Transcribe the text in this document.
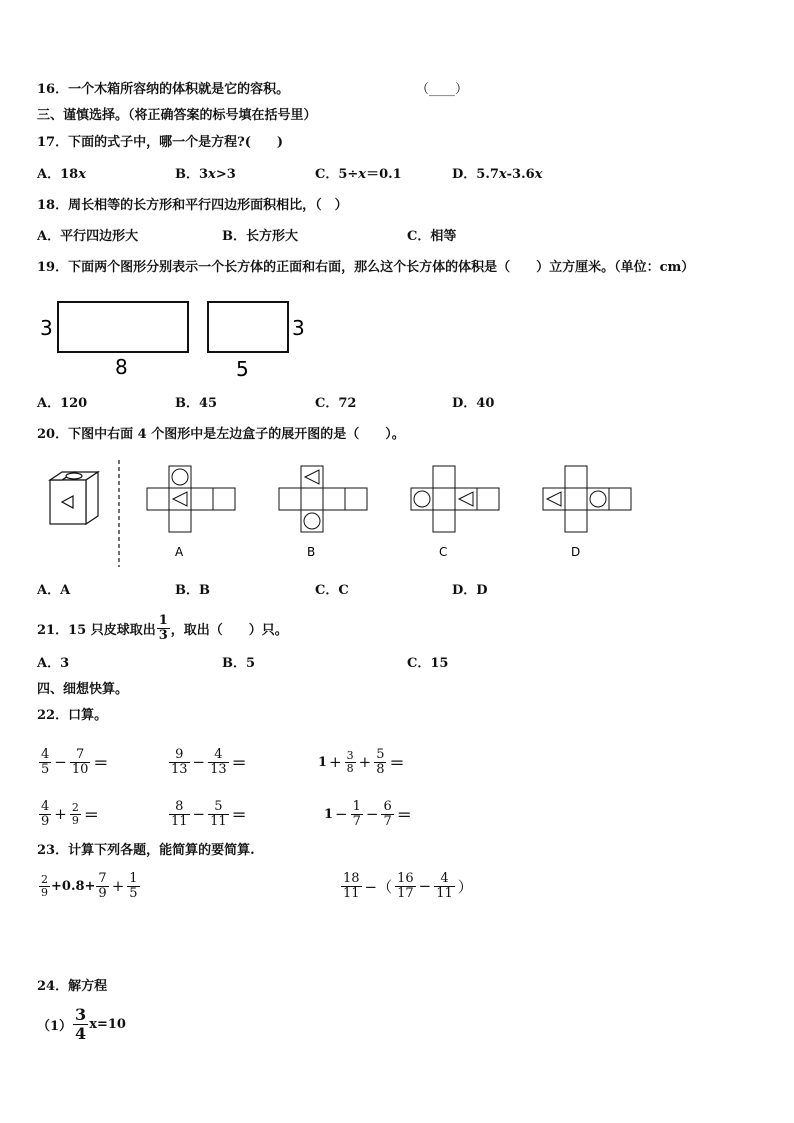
16．一个木箱所容纳的体积就是它的容积。	（____）
三、谨慎选择。（将正确答案的标号填在括号里）
17．下面的式子中，哪一个是方程?(　　)
A．18x	B．3x>3	C．5÷x＝0.1	D．5.7x-3.6x
18．周长相等的长方形和平行四边形面积相比，（　）
A．平行四边形大	B．长方形大	C．相等
19．下面两个图形分别表示一个长方体的正面和右面，那么这个长方体的体积是（　　）立方厘米。（单位：cm）
3
8
3
5
A．120	B．45	C．72	D．40
20．下图中右面 4 个图形中是左边盒子的展开图的是（　　）。
A	B	C	D
A．A	B．B	C．C	D．D
21．15 只皮球取出 $\frac{1}{3}$ ，取出（　　）只。
A．3	B．5	C．15
四、细想快算。
22．口算。
$\frac{4}{5} - \frac{7}{10}$ ＝	$\frac{9}{13} - \frac{4}{13}$ ＝	$1 + \frac{3}{8} + \frac{5}{8}$ ＝
$\frac{4}{9} + \frac{2}{9}$ ＝	$\frac{8}{11} - \frac{5}{11}$ ＝	$1 - \frac{1}{7} - \frac{6}{7}$ ＝
23．计算下列各题，能简算的要简算.
$\frac{2}{9} +0.8+ \frac{7}{9} + \frac{1}{5}$	$\frac{18}{11}$ −（ $\frac{16}{17} - \frac{4}{11}$ ）
24．解方程
$(1) \frac{3}{4} x=10$
